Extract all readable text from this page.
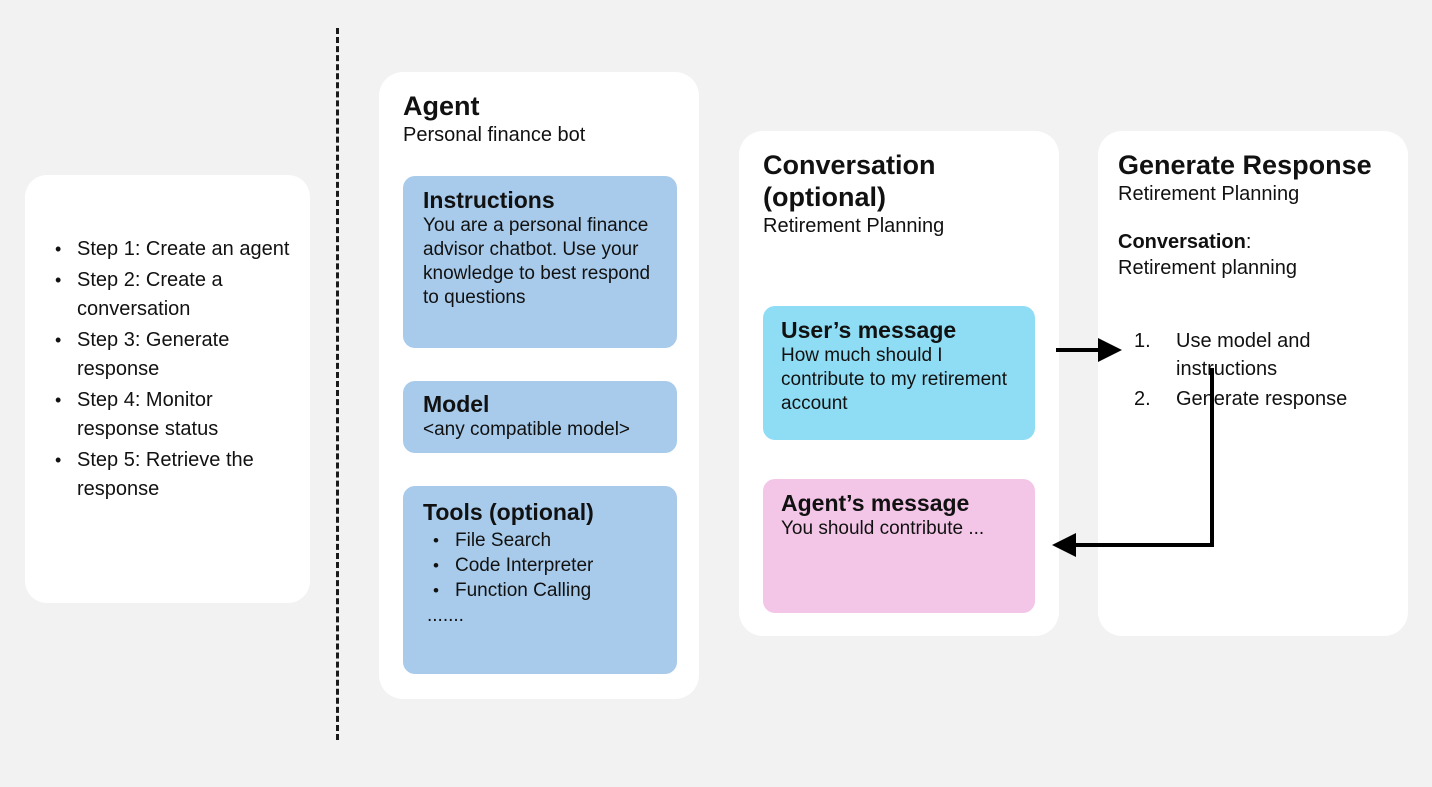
• Step 1: Create an agent
• Step 2: Create a conversation
• Step 3: Generate response
• Step 4: Monitor response status
• Step 5: Retrieve the response
Agent
Personal finance bot
Instructions
You are a personal finance advisor chatbot. Use your knowledge to best respond to questions
Model
<any compatible model>
Tools (optional)
• File Search
• Code Interpreter
• Function Calling
.......
Conversation
(optional)
Retirement Planning
User’s message
How much should I contribute to my retirement account
Agent’s message
You should contribute ...
Generate Response
Retirement Planning
Conversation:
Retirement planning
1. Use model and instructions
2. Generate response
